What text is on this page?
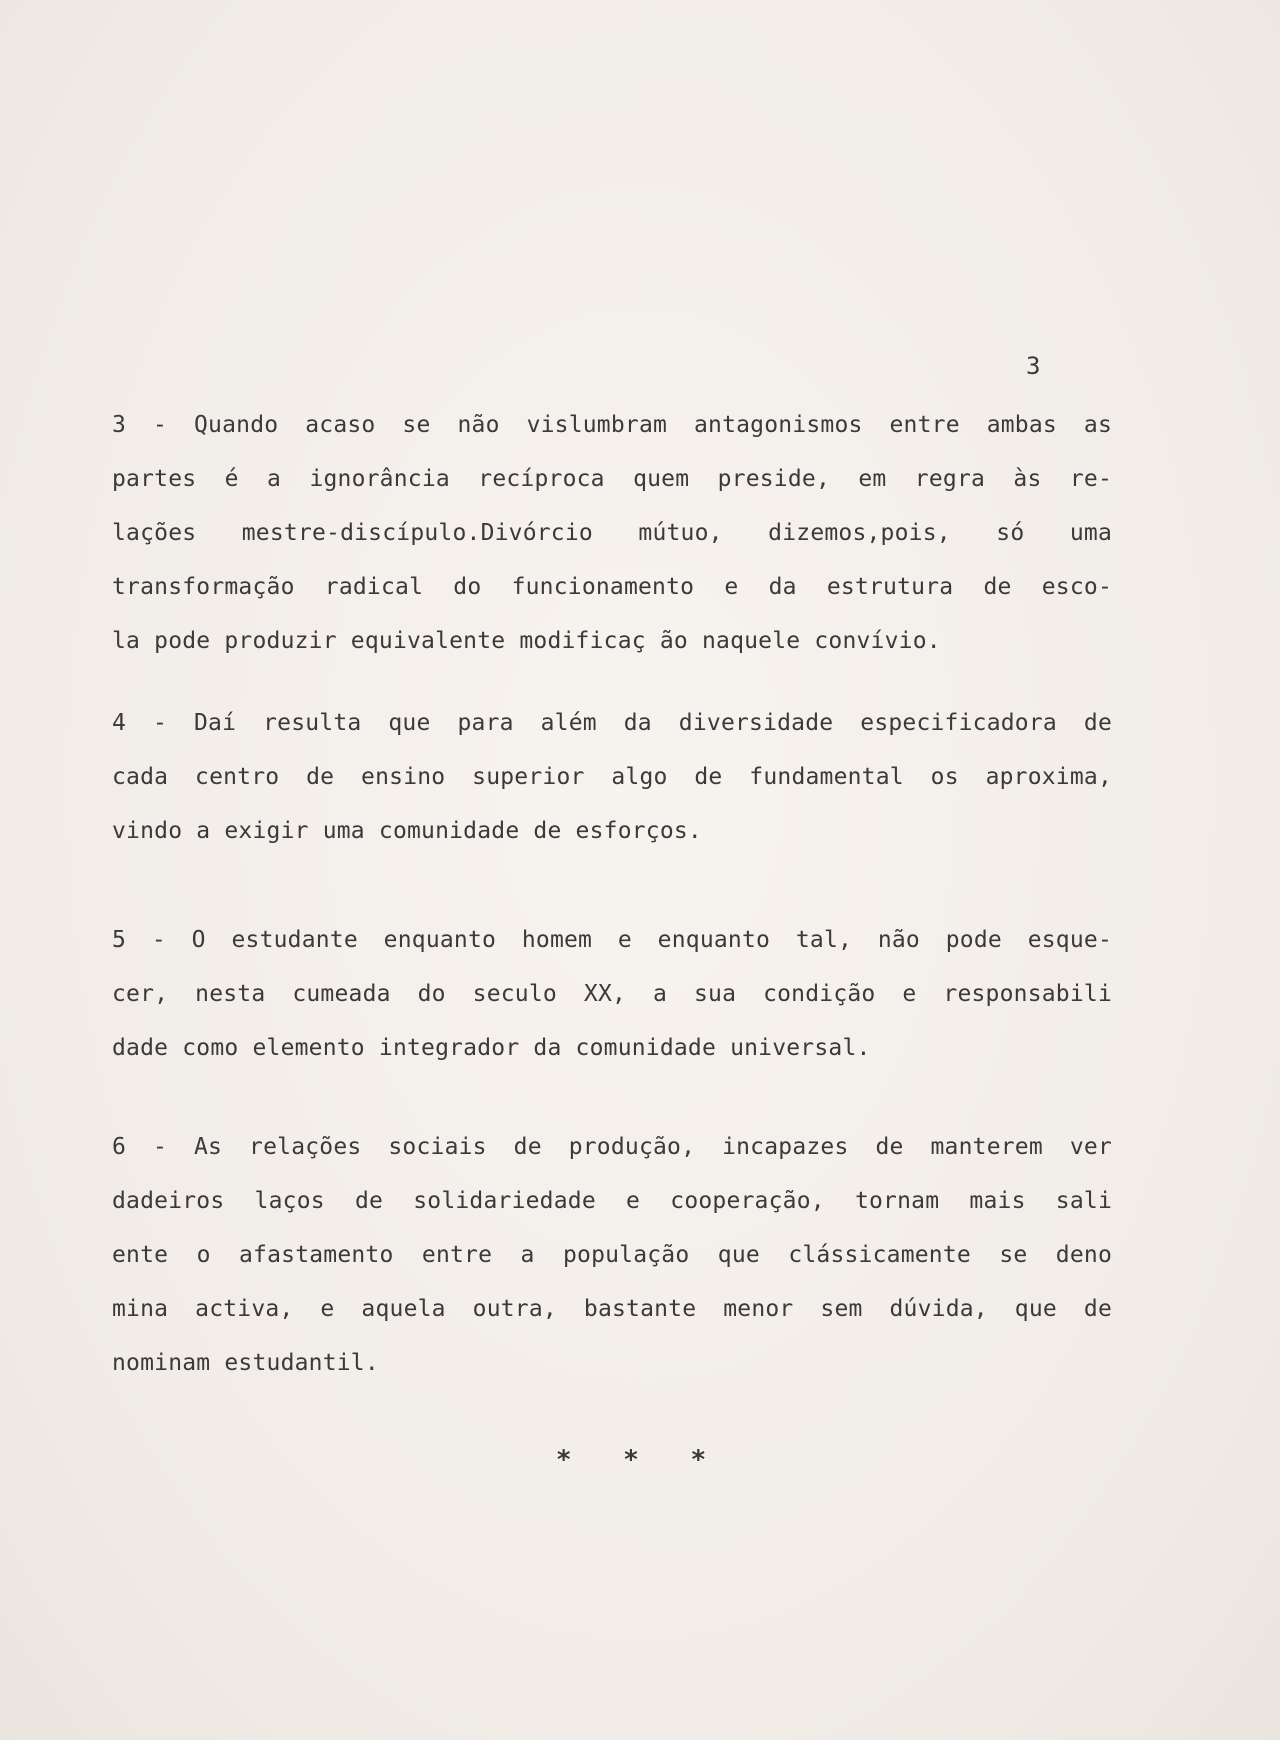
3
3 - Quando acaso se não vislumbram antagonismos entre ambas as
partes é a ignorância recíproca quem preside, em regra às re-
lações mestre-discípulo.Divórcio mútuo, dizemos,pois, só uma
transformação radical do funcionamento e da estrutura de esco-
la pode produzir equivalente modificaç ão naquele convívio.
4 - Daí resulta que para além da diversidade especificadora de
cada centro de ensino superior algo de fundamental os aproxima,
vindo a exigir uma comunidade de esforços.
5 - O estudante enquanto homem e enquanto tal, não pode esque-
cer, nesta cumeada do seculo XX, a sua condição e responsabili
dade como elemento integrador da comunidade universal.
6 - As relações sociais de produção, incapazes de manterem ver
dadeiros laços de solidariedade e cooperação, tornam mais sali
ente o afastamento entre a população que clássicamente se deno
mina activa, e aquela outra, bastante menor sem dúvida, que de
nominam estudantil.
* * *
